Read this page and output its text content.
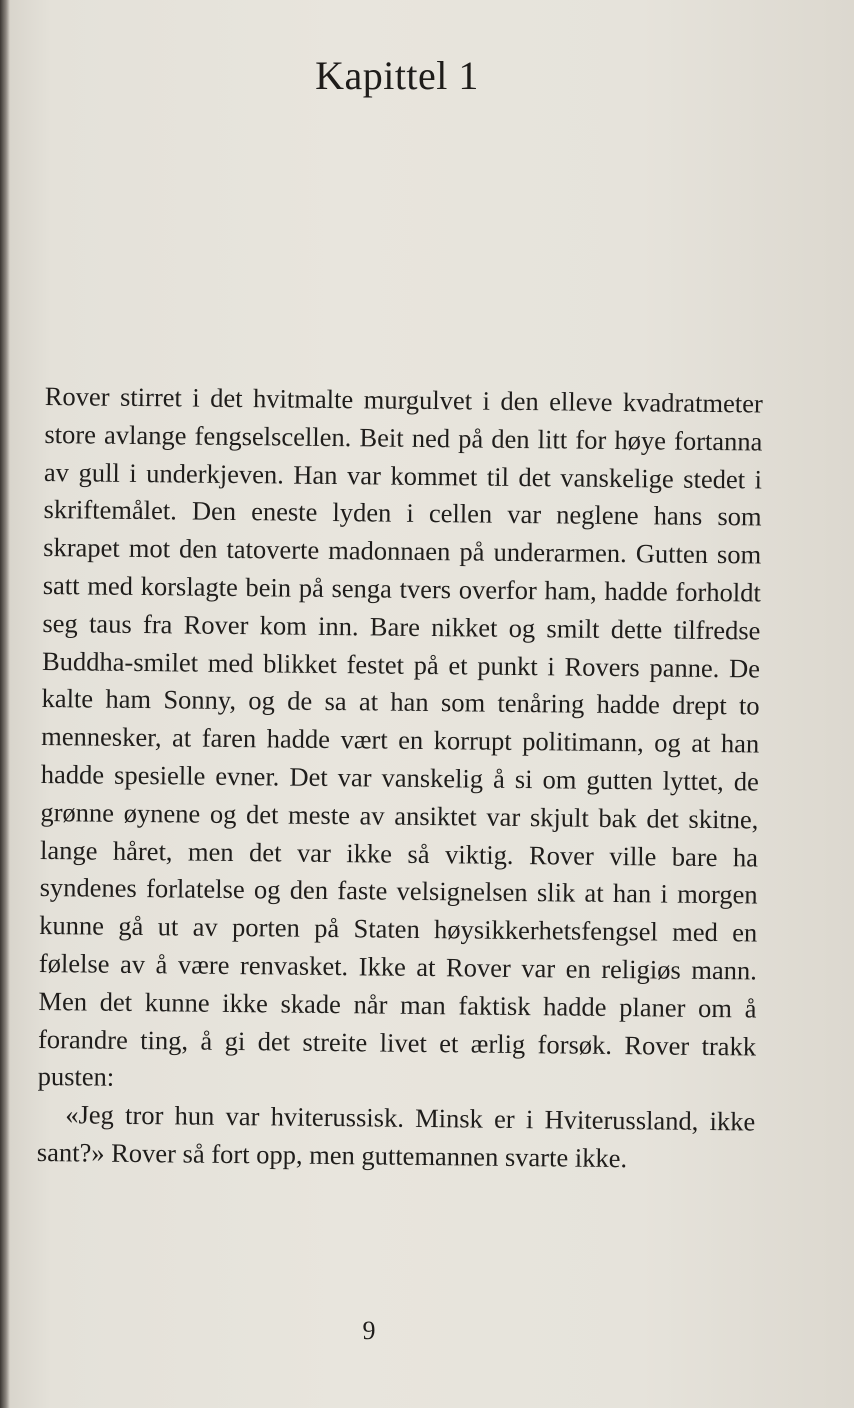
Kapittel 1

Rover stirret i det hvitmalte murgulvet i den elleve kvadratmeter store avlange fengselscellen. Beit ned på den litt for høye fortanna av gull i underkjeven. Han var kommet til det vanskelige stedet i skriftemålet. Den eneste lyden i cellen var neglene hans som skrapet mot den tatoverte madonnaen på underarmen. Gutten som satt med korslagte bein på senga tvers overfor ham, hadde forholdt seg taus fra Rover kom inn. Bare nikket og smilt dette tilfredse Buddha-smilet med blikket festet på et punkt i Rovers panne. De kalte ham Sonny, og de sa at han som tenåring hadde drept to mennesker, at faren hadde vært en korrupt politimann, og at han hadde spesielle evner. Det var vanskelig å si om gutten lyttet, de grønne øynene og det meste av ansiktet var skjult bak det skitne, lange håret, men det var ikke så viktig. Rover ville bare ha syndenes forlatelse og den faste velsignelsen slik at han i morgen kunne gå ut av porten på Staten høysikkerhetsfengsel med en følelse av å være renvasket. Ikke at Rover var en religiøs mann. Men det kunne ikke skade når man faktisk hadde planer om å forandre ting, å gi det streite livet et ærlig forsøk. Rover trakk pusten:

«Jeg tror hun var hviterussisk. Minsk er i Hviterussland, ikke sant?» Rover så fort opp, men guttemannen svarte ikke.

9
